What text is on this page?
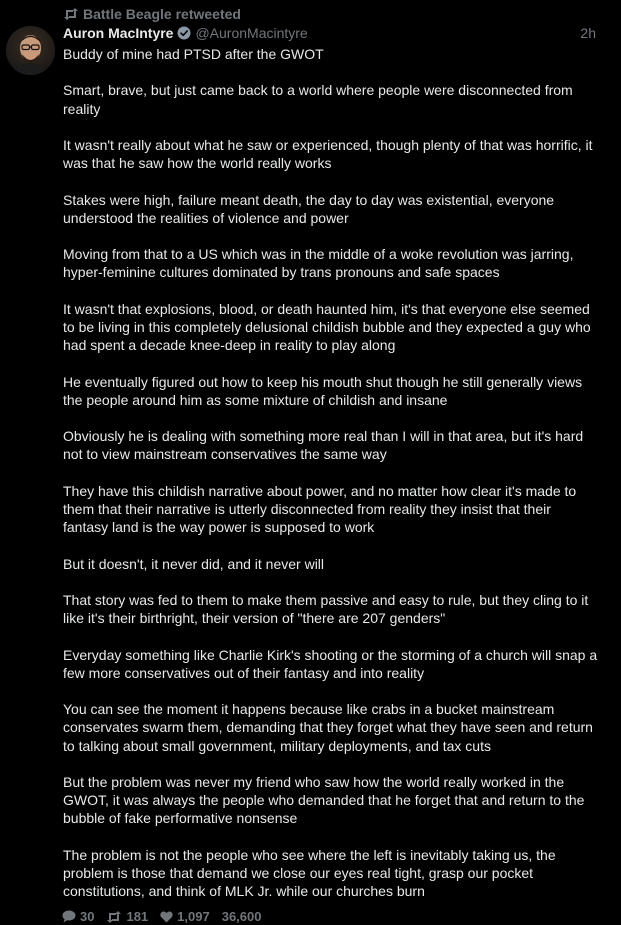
Battle Beagle retweeted
Auron MacIntyre @AuronMacintyre	2h

Buddy of mine had PTSD after the GWOT

Smart, brave, but just came back to a world where people were disconnected from reality

It wasn't really about what he saw or experienced, though plenty of that was horrific, it was that he saw how the world really works

Stakes were high, failure meant death, the day to day was existential, everyone understood the realities of violence and power

Moving from that to a US which was in the middle of a woke revolution was jarring, hyper-feminine cultures dominated by trans pronouns and safe spaces

It wasn't that explosions, blood, or death haunted him, it's that everyone else seemed to be living in this completely delusional childish bubble and they expected a guy who had spent a decade knee-deep in reality to play along

He eventually figured out how to keep his mouth shut though he still generally views the people around him as some mixture of childish and insane

Obviously he is dealing with something more real than I will in that area, but it's hard not to view mainstream conservatives the same way

They have this childish narrative about power, and no matter how clear it's made to them that their narrative is utterly disconnected from reality they insist that their fantasy land is the way power is supposed to work

But it doesn't, it never did, and it never will

That story was fed to them to make them passive and easy to rule, but they cling to it like it's their birthright, their version of "there are 207 genders"

Everyday something like Charlie Kirk's shooting or the storming of a church will snap a few more conservatives out of their fantasy and into reality

You can see the moment it happens because like crabs in a bucket mainstream conservates swarm them, demanding that they forget what they have seen and return to talking about small government, military deployments, and tax cuts

But the problem was never my friend who saw how the world really worked in the GWOT, it was always the people who demanded that he forget that and return to the bubble of fake performative nonsense

The problem is not the people who see where the left is inevitably taking us, the problem is those that demand we close our eyes real tight, grasp our pocket constitutions, and think of MLK Jr. while our churches burn

30 181 1,097 36,600
